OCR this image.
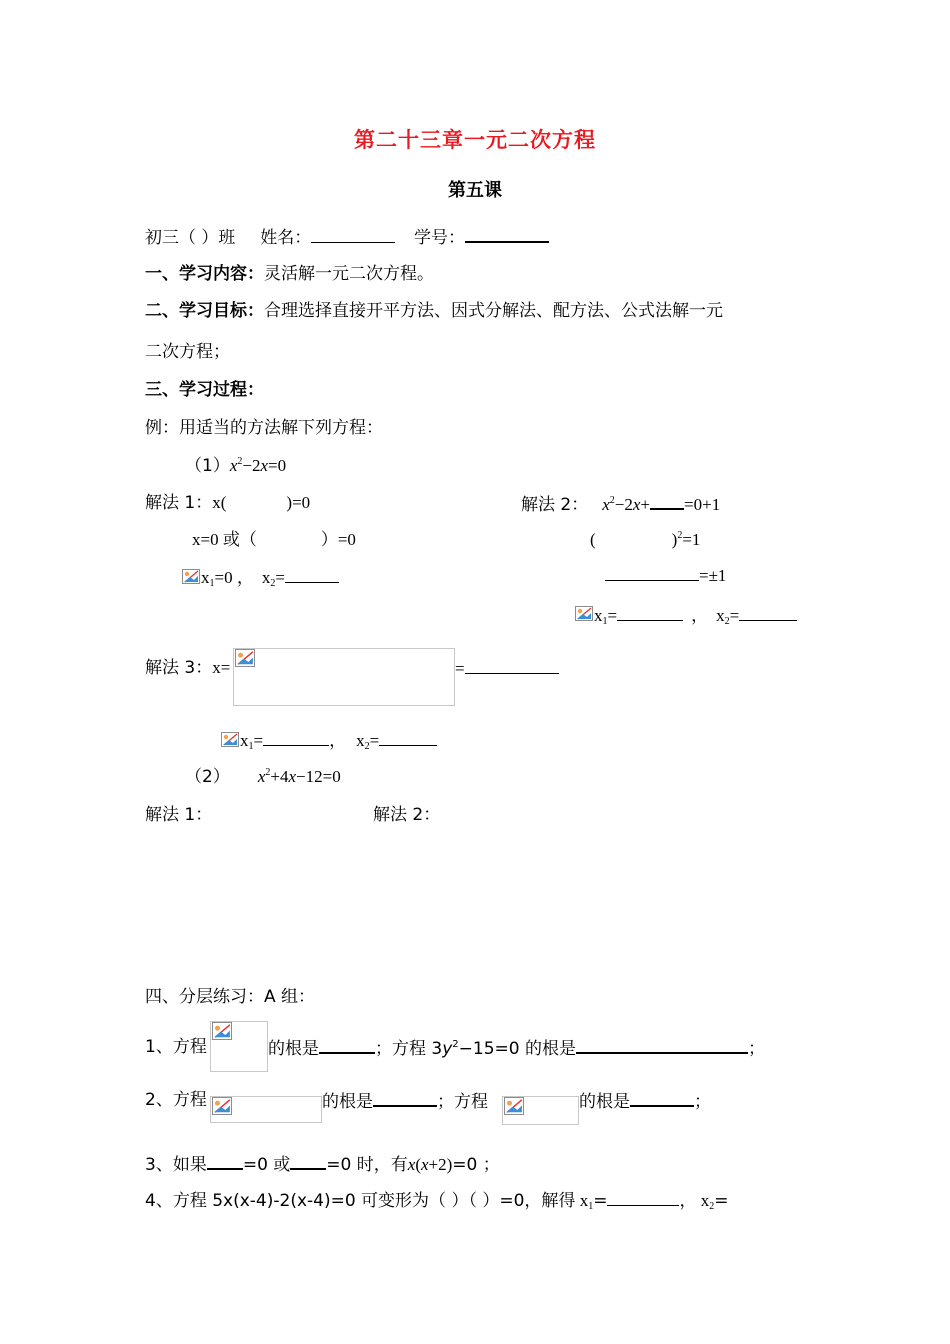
第二十三章一元二次方程
第五课
初三（ ）班 姓名：	学号：
一、学习内容：灵活解一元二次方程。
二、学习目标：合理选择直接开平方法、因式分解法、配方法、公式法解一元
二次方程；
三、学习过程：
例：用适当的方法解下列方程：
$(1)x^2-2x=0$
解法 1：x(	)=0
x=0 或（	）=0
$x_1=0$ ， $x_2=$
解法 2： $x^2-2x+ =0+1$
(	)$^2$=1
=±1
$x_1=$	， $x_2=$
解法 3：x=	=
$x_1=$	， $x_2=$
（2） $x^2+4x-12=0$
解法 1：	解法 2：
四、分层练习：A 组：
1、方程	的根是	；方程 $3y^2-15=0$ 的根是	；
2、方程	的根是	；方程	的根是	；
3、如果 =0 或 =0 时，有x(x+2)=0 ；
4、方程 5x(x-4)-2(x-4)=0 可变形为（ ）（ ）=0，解得 $x_1=$	， $x_2=$
